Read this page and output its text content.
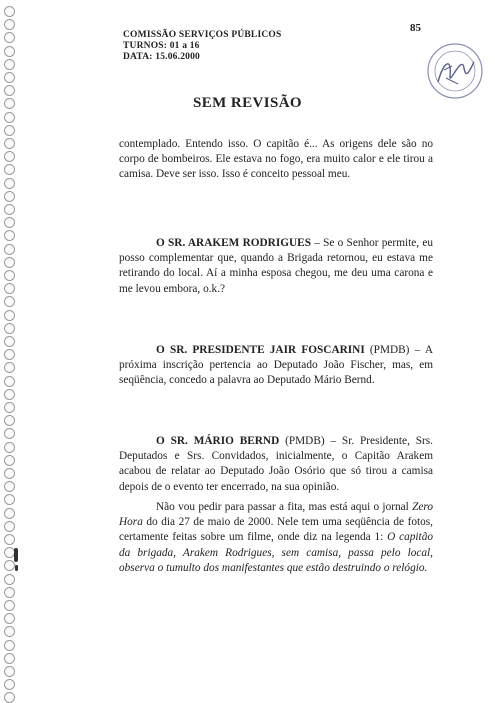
COMISSÃO SERVIÇOS PÚBLICOS
TURNOS: 01 a 16
DATA: 15.06.2000
85
SEM REVISÃO
contemplado. Entendo isso. O capitão é... As origens dele são no corpo de bombeiros. Ele estava no fogo, era muito calor e ele tirou a camisa. Deve ser isso. Isso é conceito pessoal meu.
O SR. ARAKEM RODRIGUES – Se o Senhor permite, eu posso complementar que, quando a Brigada retornou, eu estava me retirando do local. Aí a minha esposa chegou, me deu uma carona e me levou embora, o.k.?
O SR. PRESIDENTE JAIR FOSCARINI (PMDB) – A próxima inscrição pertencia ao Deputado João Fischer, mas, em seqüência, concedo a palavra ao Deputado Mário Bernd.
O SR. MÁRIO BERND (PMDB) – Sr. Presidente, Srs. Deputados e Srs. Convidados, inicialmente, o Capitão Arakem acabou de relatar ao Deputado João Osório que só tirou a camisa depois de o evento ter encerrado, na sua opinião.
Não vou pedir para passar a fita, mas está aqui o jornal Zero Hora do dia 27 de maio de 2000. Nele tem uma seqüência de fotos, certamente feitas sobre um filme, onde diz na legenda 1: O capitão da brigada, Arakem Rodrigues, sem camisa, passa pelo local, observa o tumulto dos manifestantes que estão destruindo o relógio.
